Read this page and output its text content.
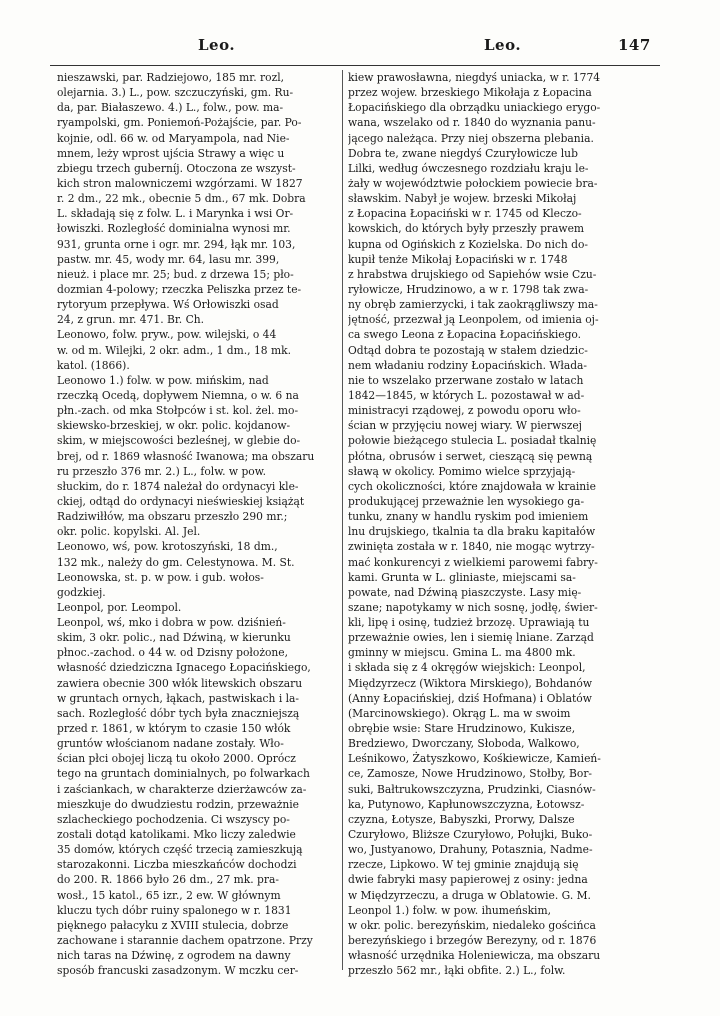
Leo.	Leo.	147
nieszawski, par. Radziejowo, 185 mr. rozl,
olejarnia. 3.) L., pow. szczuczyński, gm. Ru-
da, par. Białaszewo. 4.) L., folw., pow. ma-
ryampolski, gm. Poniemoń-Pożajście, par. Po-
kojnie, odl. 66 w. od Maryampola, nad Nie-
mnem, leży wprost ujścia Strawy a więc u
zbiegu trzech guberníj. Otoczona ze wszyst-
kich stron malowniczemi wzgórzami. W 1827
r. 2 dm., 22 mk., obecnie 5 dm., 67 mk. Dobra
L. składają się z folw. L. i Marynka i wsi Or-
łowiszki. Rozległość dominialna wynosi mr.
931, grunta orne i ogr. mr. 294, łąk mr. 103,
pastw. mr. 45, wody mr. 64, lasu mr. 399,
nieuż. i place mr. 25; bud. z drzewa 15; pło-
dozmian 4-polowy; rzeczka Peliszka przez te-
rytoryum przepływa. Wś Orłowiszki osad
24, z grun. mr. 471. Br. Ch.
Leonowo, folw. pryw., pow. wilejski, o 44
w. od m. Wilejki, 2 okr. adm., 1 dm., 18 mk.
katol. (1866).
Leonowo 1.) folw. w pow. mińskim, nad
rzeczką Ocedą, dopływem Niemna, o w. 6 na
płn.-zach. od mka Stołpców i st. kol. żel. mo-
skiewsko-brzeskiej, w okr. polic. kojdanow-
skim, w miejscowości bezleśnej, w glebie do-
brej, od r. 1869 własność Iwanowa; ma obszaru
ru przeszło 376 mr. 2.) L., folw. w pow.
słuckim, do r. 1874 należał do ordynacyi kle-
ckiej, odtąd do ordynacyi nieświeskiej książąt
Radziwiłłów, ma obszaru przeszło 290 mr.;
okr. polic. kopylski. Al. Jel.
Leonowo, wś, pow. krotoszyński, 18 dm.,
132 mk., należy do gm. Celestynowa. M. St.
Leonowska, st. p. w pow. i gub. wołos-
godzkiej.
Leonpol, por. Leompol.
Leonpol, wś, mko i dobra w pow. dziśnień-
skim, 3 okr. polic., nad Dźwiną, w kierunku
płnoc.-zachod. o 44 w. od Dzisny położone,
własność dziedziczna Ignacego Łopacińskiego,
zawiera obecnie 300 włók litewskich obszaru
w gruntach ornych, łąkach, pastwiskach i la-
sach. Rozległość dóbr tych była znaczniejszą
przed r. 1861, w którym to czasie 150 włók
gruntów włościanom nadane zostały. Wło-
ścian płci obojej liczą tu około 2000. Oprócz
tego na gruntach dominialnych, po folwarkach
i zaściankach, w charakterze dzierżawców za-
mieszkuje do dwudziestu rodzin, przeważnie
szlacheckiego pochodzenia. Ci wszyscy po-
zostali dotąd katolikami. Mko liczy zaledwie
35 domów, których część trzecią zamieszkują
starozakonni. Liczba mieszkańców dochodzi
do 200. R. 1866 było 26 dm., 27 mk. pra-
wosł., 15 katol., 65 izr., 2 ew. W głównym
kluczu tych dóbr ruiny spalonego w r. 1831
pięknego pałacyku z XVIII stulecia, dobrze
zachowane i starannie dachem opatrzone. Przy
nich taras na Dźwinę, z ogrodem na dawny
sposób francuski zasadzonym. W mczku cer-
kiew prawosławna, niegdyś uniacka, w r. 1774
przez wojew. brzeskiego Mikołaja z Łopacina
Łopacińskiego dla obrządku uniackiego erygo-
wana, wszelako od r. 1840 do wyznania panu-
jącego należąca. Przy niej obszerna plebania.
Dobra te, zwane niegdyś Czuryłowicze lub
Lilki, według ówczesnego rozdziału kraju le-
żały w województwie połockiem powiecie bra-
sławskim. Nabył je wojew. brzeski Mikołaj
z Łopacina Łopaciński w r. 1745 od Kleczo-
kowskich, do których były przeszły prawem
kupna od Ogińskich z Kozielska. Do nich do-
kupił tenże Mikołaj Łopaciński w r. 1748
z hrabstwa drujskiego od Sapiehów wsie Czu-
ryłowicze, Hrudzinowo, a w r. 1798 tak zwa-
ny obręb zamierzycki, i tak zaokrągliwszy ma-
jętność, przezwał ją Leonpolem, od imienia oj-
ca swego Leona z Łopacina Łopacińskiego.
Odtąd dobra te pozostają w stałem dziedzic-
nem władaniu rodziny Łopacińskich. Włada-
nie to wszelako przerwane zostało w latach
1842—1845, w których L. pozostawał w ad-
ministracyi rządowej, z powodu oporu wło-
ścian w przyjęciu nowej wiary. W pierwszej
połowie bieżącego stulecia L. posiadał tkalnię
płótna, obrusów i serwet, cieszącą się pewną
sławą w okolicy. Pomimo wielce sprzyjają-
cych okoliczności, które znajdowała w krainie
produkującej przeważnie len wysokiego ga-
tunku, znany w handlu ryskim pod imieniem
lnu drujskiego, tkalnia ta dla braku kapitałów
zwinięta została w r. 1840, nie mogąc wytrzy-
mać konkurencyi z wielkiemi parowemi fabry-
kami. Grunta w L. gliniaste, miejscami sa-
powate, nad Dźwiną piaszczyste. Lasy mię-
szane; napotykamy w nich sosnę, jodłę, świer-
kli, lipę i osinę, tudzież brzozę. Uprawiają tu
przeważnie owies, len i siemię lniane. Zarząd
gminny w miejscu. Gmina L. ma 4800 mk.
i składa się z 4 okręgów wiejskich: Leonpol,
Międzyrzecz (Wiktora Mirskiego), Bohdanów
(Anny Łopacińskiej, dziś Hofmana) i Oblatów
(Marcinowskiego). Okrąg L. ma w swoim
obrębie wsie: Stare Hrudzinowo, Kukisze,
Bredziewo, Dworczany, Słoboda, Walkowo,
Leśnikowo, Żatyszkowo, Kośkiewicze, Kamień-
ce, Zamosze, Nowe Hrudzinowo, Stołby, Bor-
suki, Bałtrukowszczyzna, Prudzinki, Ciasnów-
ka, Putynowo, Kapłunowszczyzna, Łotowsz-
czyzna, Łotysze, Babyszki, Prorwy, Dalsze
Czuryłowo, Bliższe Czuryłowo, Połujki, Buko-
wo, Justyanowo, Drahuny, Potasznia, Nadme-
rzecze, Lipkowo. W tej gminie znajdują się
dwie fabryki masy papierowej z osiny: jedna
w Międzyrzeczu, a druga w Oblatowie. G. M.
Leonpol 1.) folw. w pow. ihumeńskim,
w okr. polic. berezyńskim, niedaleko gościńca
berezyńskiego i brzegów Berezyny, od r. 1876
własność urzędnika Holeniewicza, ma obszaru
przeszło 562 mr., łąki obfite. 2.) L., folw.
